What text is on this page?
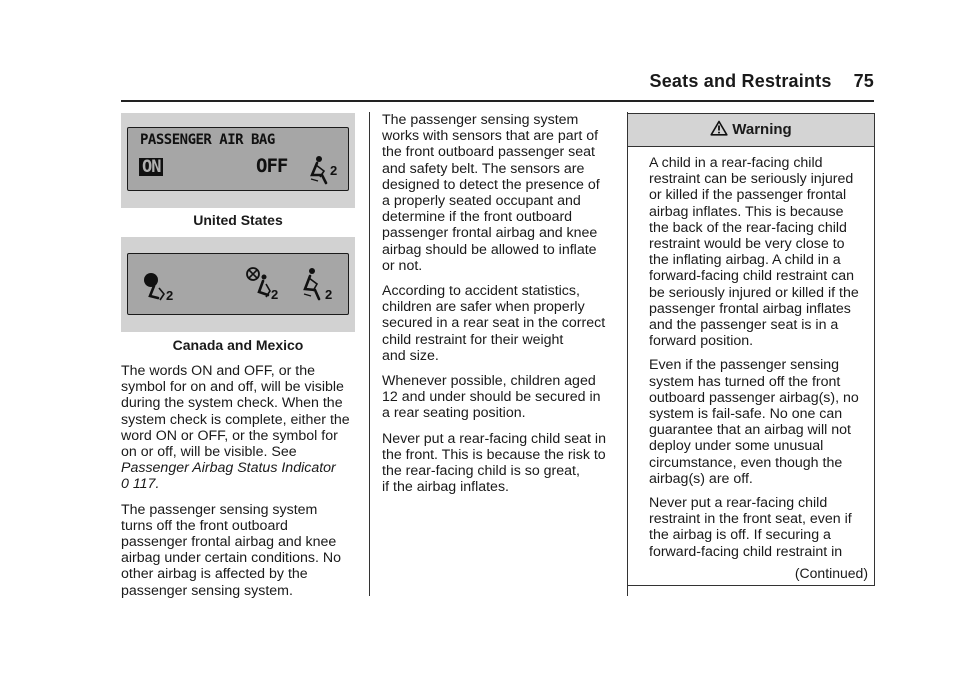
Seats and Restraints 75
PASSENGER AIR BAG
ON	OFF	2
United States
2	2	2
Canada and Mexico

The words ON and OFF, or the
symbol for on and off, will be visible
during the system check. When the
system check is complete, either the
word ON or OFF, or the symbol for
on or off, will be visible. See
Passenger Airbag Status Indicator
0 117.

The passenger sensing system
turns off the front outboard
passenger frontal airbag and knee
airbag under certain conditions. No
other airbag is affected by the
passenger sensing system.

The passenger sensing system
works with sensors that are part of
the front outboard passenger seat
and safety belt. The sensors are
designed to detect the presence of
a properly seated occupant and
determine if the front outboard
passenger frontal airbag and knee
airbag should be allowed to inflate
or not.

According to accident statistics,
children are safer when properly
secured in a rear seat in the correct
child restraint for their weight
and size.

Whenever possible, children aged
12 and under should be secured in
a rear seating position.

Never put a rear-facing child seat in
the front. This is because the risk to
the rear-facing child is so great,
if the airbag inflates.

Warning

A child in a rear-facing child
restraint can be seriously injured
or killed if the passenger frontal
airbag inflates. This is because
the back of the rear-facing child
restraint would be very close to
the inflating airbag. A child in a
forward-facing child restraint can
be seriously injured or killed if the
passenger frontal airbag inflates
and the passenger seat is in a
forward position.

Even if the passenger sensing
system has turned off the front
outboard passenger airbag(s), no
system is fail-safe. No one can
guarantee that an airbag will not
deploy under some unusual
circumstance, even though the
airbag(s) are off.

Never put a rear-facing child
restraint in the front seat, even if
the airbag is off. If securing a
forward-facing child restraint in

(Continued)
